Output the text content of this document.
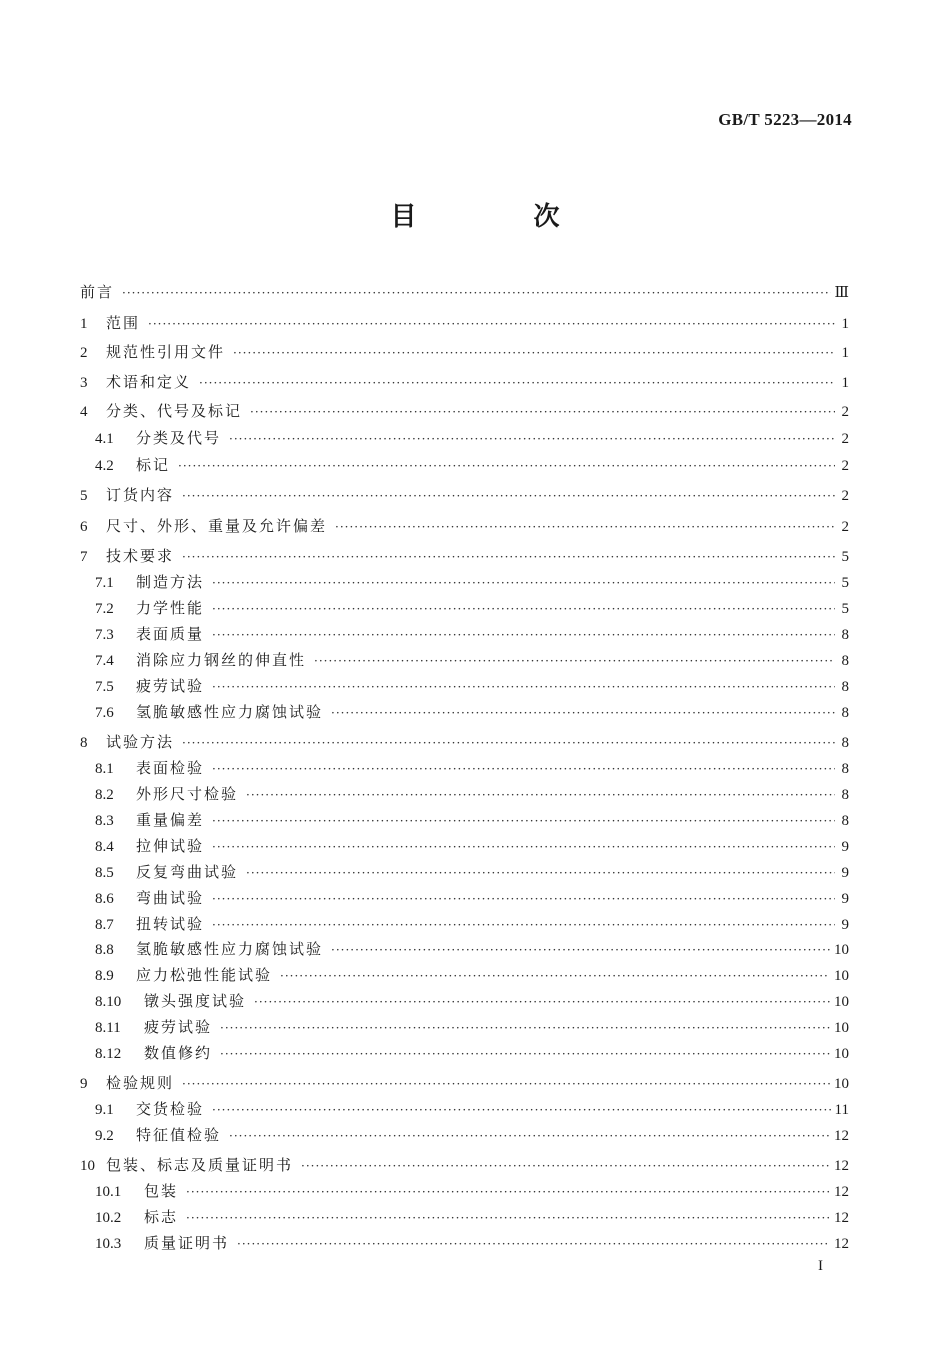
GB/T 5223—2014
目 次
前言 ·····	Ⅲ
1	范围 ·····	1
2	规范性引用文件 ·····	1
3	术语和定义 ·····	1
4	分类、代号及标记 ·····	2
4.1	分类及代号 ·····	2
4.2	标记 ·····	2
5	订货内容 ·····	2
6	尺寸、外形、重量及允许偏差 ·····	2
7	技术要求 ·····	5
7.1	制造方法 ·····	5
7.2	力学性能 ·····	5
7.3	表面质量 ·····	8
7.4	消除应力钢丝的伸直性 ·····	8
7.5	疲劳试验 ·····	8
7.6	氢脆敏感性应力腐蚀试验 ·····	8
8	试验方法 ·····	8
8.1	表面检验 ·····	8
8.2	外形尺寸检验 ·····	8
8.3	重量偏差 ·····	8
8.4	拉伸试验 ·····	9
8.5	反复弯曲试验 ·····	9
8.6	弯曲试验 ·····	9
8.7	扭转试验 ·····	9
8.8	氢脆敏感性应力腐蚀试验 ·····	10
8.9	应力松弛性能试验 ·····	10
8.10	镦头强度试验 ·····	10
8.11	疲劳试验 ·····	10
8.12	数值修约 ·····	10
9	检验规则 ·····	10
9.1	交货检验 ·····	11
9.2	特征值检验 ·····	12
10 包装、标志及质量证明书 ·····	12
10.1	包装 ·····	12
10.2	标志 ·····	12
10.3	质量证明书 ·····	12
I
